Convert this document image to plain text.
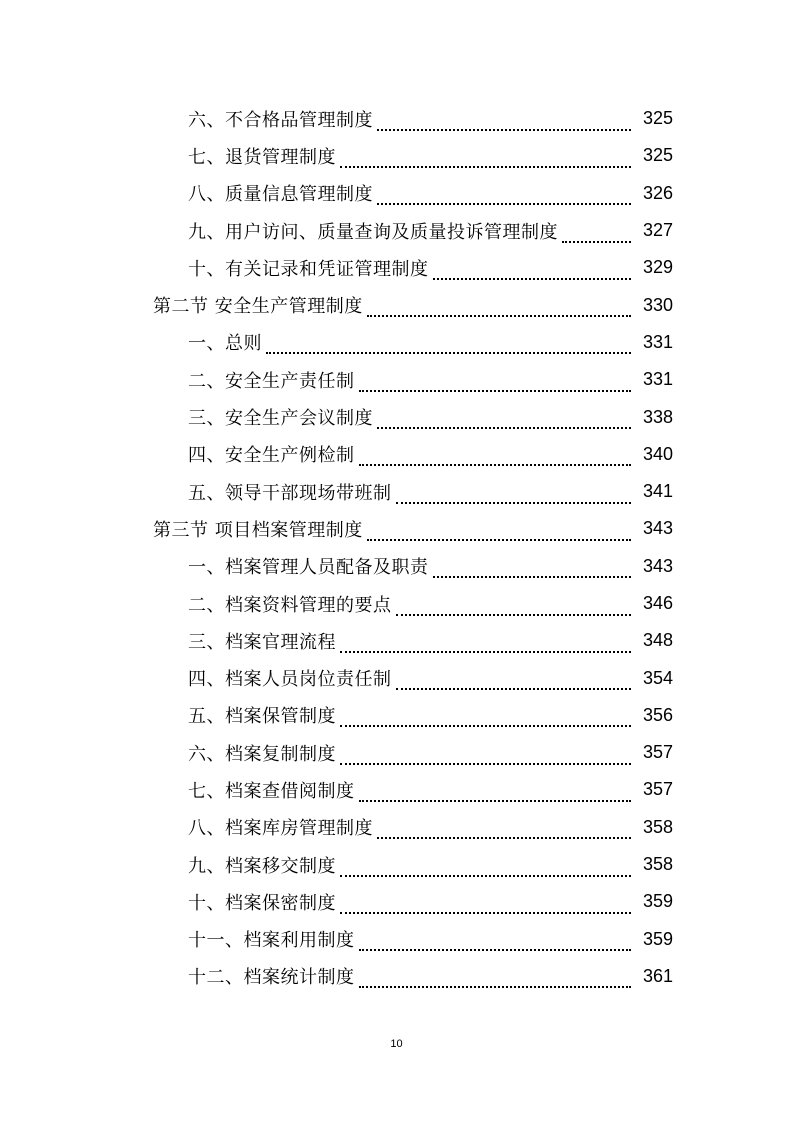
六、不合格品管理制度	325
七、退货管理制度	325
八、质量信息管理制度	326
九、用户访问、质量查询及质量投诉管理制度	327
十、有关记录和凭证管理制度	329
第二节 安全生产管理制度	330
一、总则	331
二、安全生产责任制	331
三、安全生产会议制度	338
四、安全生产例检制	340
五、领导干部现场带班制	341
第三节 项目档案管理制度	343
一、档案管理人员配备及职责	343
二、档案资料管理的要点	346
三、档案官理流程	348
四、档案人员岗位责任制	354
五、档案保管制度	356
六、档案复制制度	357
七、档案查借阅制度	357
八、档案库房管理制度	358
九、档案移交制度	358
十、档案保密制度	359
十一、档案利用制度	359
十二、档案统计制度	361
10
